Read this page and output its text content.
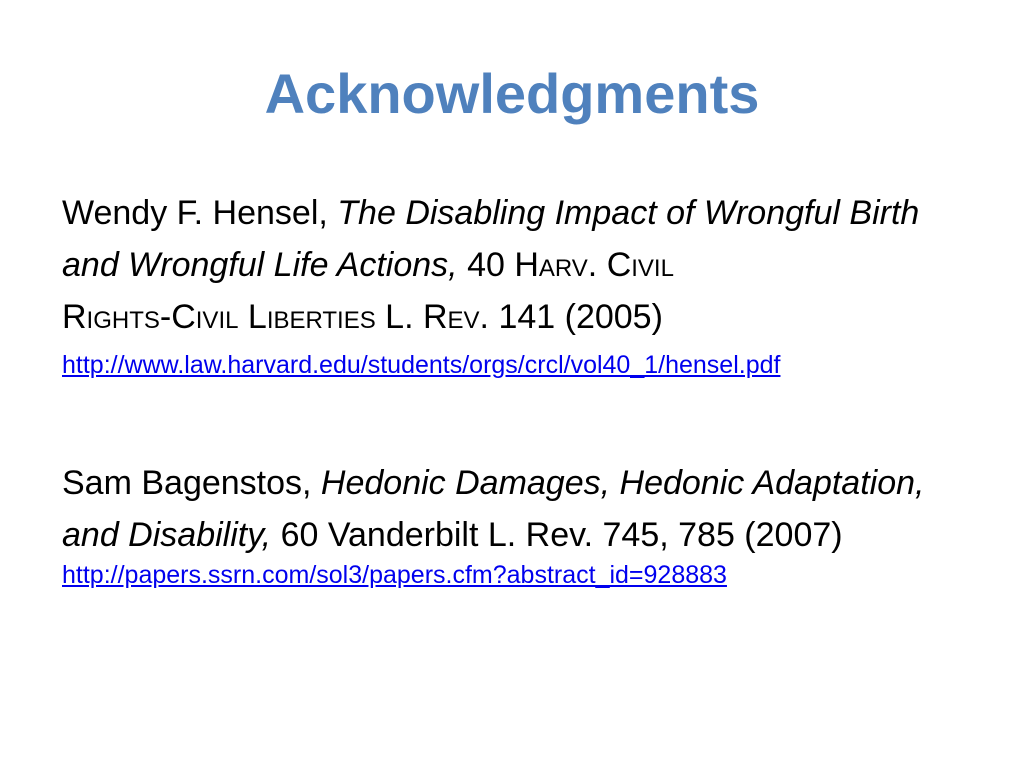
Acknowledgments
Wendy F. Hensel, The Disabling Impact of Wrongful Birth and Wrongful Life Actions, 40 Harv. Civil
Rights-Civil Liberties L. Rev. 141 (2005)
http://www.law.harvard.edu/students/orgs/crcl/vol40_1/hensel.pdf
Sam Bagenstos, Hedonic Damages, Hedonic Adaptation, and Disability, 60 Vanderbilt L. Rev. 745, 785 (2007)
http://papers.ssrn.com/sol3/papers.cfm?abstract_id=928883
